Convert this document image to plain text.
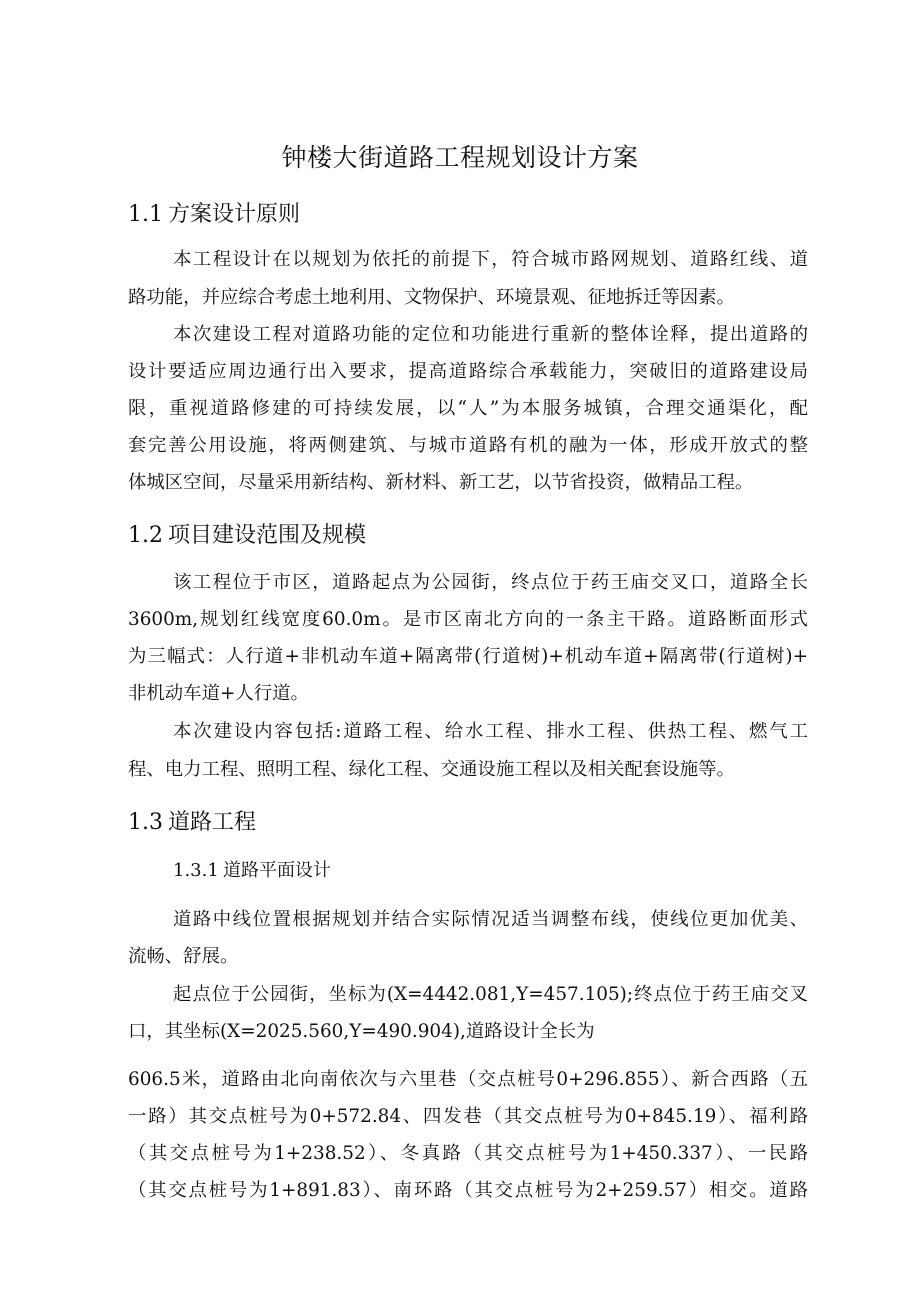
钟楼大街道路工程规划设计方案
1.1 方案设计原则
本工程设计在以规划为依托的前提下，符合城市路网规划、道路红线、道
路功能，并应综合考虑土地利用、文物保护、环境景观、征地拆迁等因素。
本次建设工程对道路功能的定位和功能进行重新的整体诠释，提出道路的
设计要适应周边通行出入要求，提高道路综合承载能力，突破旧的道路建设局
限，重视道路修建的可持续发展，以“人”为本服务城镇，合理交通渠化，配
套完善公用设施，将两侧建筑、与城市道路有机的融为一体，形成开放式的整
体城区空间，尽量采用新结构、新材料、新工艺，以节省投资，做精品工程。
1.2 项目建设范围及规模
该工程位于市区，道路起点为公园街，终点位于药王庙交叉口，道路全长
3600m,规划红线宽度60.0m。是市区南北方向的一条主干路。道路断面形式
为三幅式：人行道+非机动车道+隔离带(行道树)+机动车道+隔离带(行道树)+
非机动车道+人行道。
本次建设内容包括:道路工程、给水工程、排水工程、供热工程、燃气工
程、电力工程、照明工程、绿化工程、交通设施工程以及相关配套设施等。
1.3 道路工程
1.3.1 道路平面设计
道路中线位置根据规划并结合实际情况适当调整布线，使线位更加优美、
流畅、舒展。
起点位于公园街，坐标为(X=4442.081,Y=457.105);终点位于药王庙交叉
口，其坐标(X=2025.560,Y=490.904),道路设计全长为
606.5米，道路由北向南依次与六里巷（交点桩号0+296.855）、新合西路（五
一路）其交点桩号为0+572.84、四发巷（其交点桩号为0+845.19）、福利路
（其交点桩号为1+238.52）、冬真路（其交点桩号为1+450.337）、一民路
（其交点桩号为1+891.83）、南环路（其交点桩号为2+259.57）相交。道路
